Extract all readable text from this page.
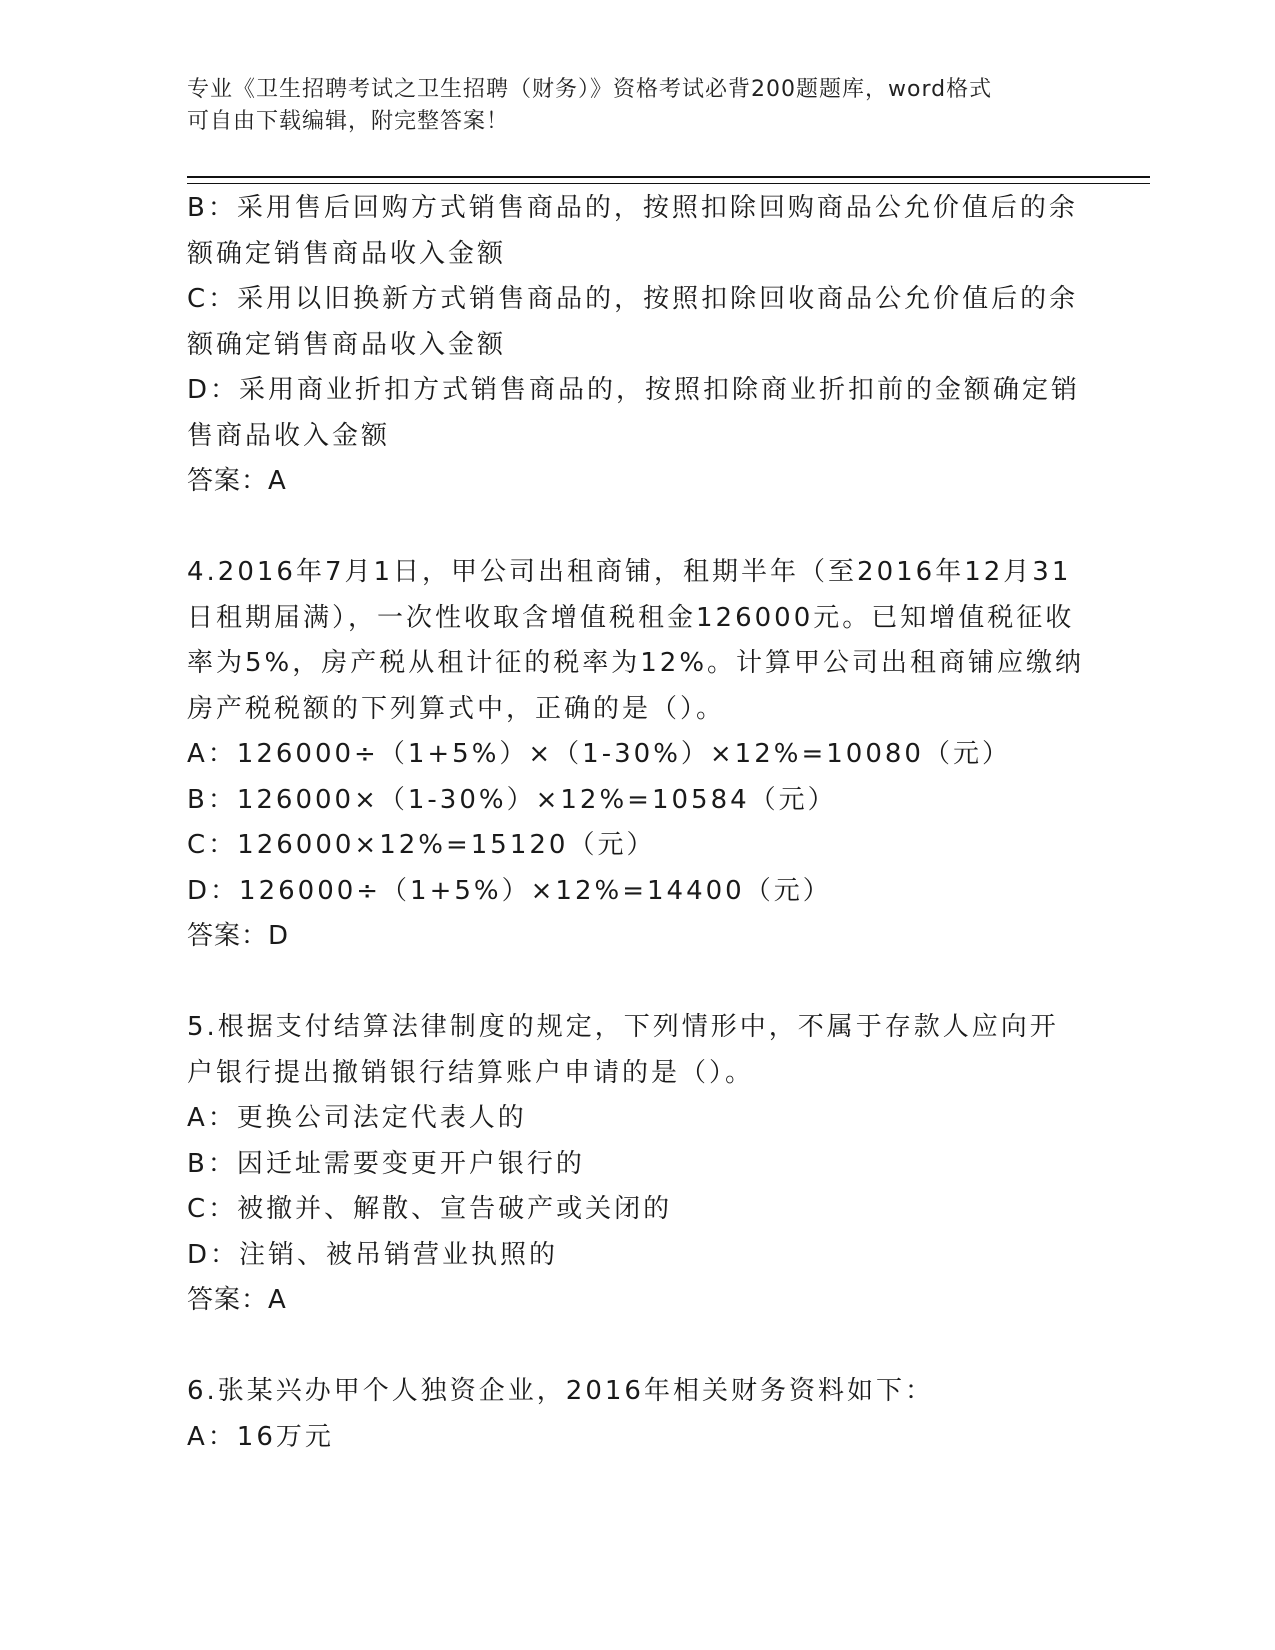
专业《卫生招聘考试之卫生招聘（财务）》资格考试必背200题题库，word格式
可自由下载编辑，附完整答案！
B：采用售后回购方式销售商品的，按照扣除回购商品公允价值后的余
额确定销售商品收入金额
C：采用以旧换新方式销售商品的，按照扣除回收商品公允价值后的余
额确定销售商品收入金额
D：采用商业折扣方式销售商品的，按照扣除商业折扣前的金额确定销
售商品收入金额
答案：A
4.2016年7月1日，甲公司出租商铺，租期半年（至2016年12月31
日租期届满），一次性收取含增值税租金126000元。已知增值税征收
率为5%，房产税从租计征的税率为12%。计算甲公司出租商铺应缴纳
房产税税额的下列算式中，正确的是（）。
A：126000÷（1+5%）×（1-30%）×12%=10080（元）
B：126000×（1-30%）×12%=10584（元）
C：126000×12%=15120（元）
D：126000÷（1+5%）×12%=14400（元）
答案：D
5.根据支付结算法律制度的规定，下列情形中，不属于存款人应向开
户银行提出撤销银行结算账户申请的是（）。
A：更换公司法定代表人的
B：因迁址需要变更开户银行的
C：被撤并、解散、宣告破产或关闭的
D：注销、被吊销营业执照的
答案：A
6.张某兴办甲个人独资企业，2016年相关财务资料如下：
A：16万元
